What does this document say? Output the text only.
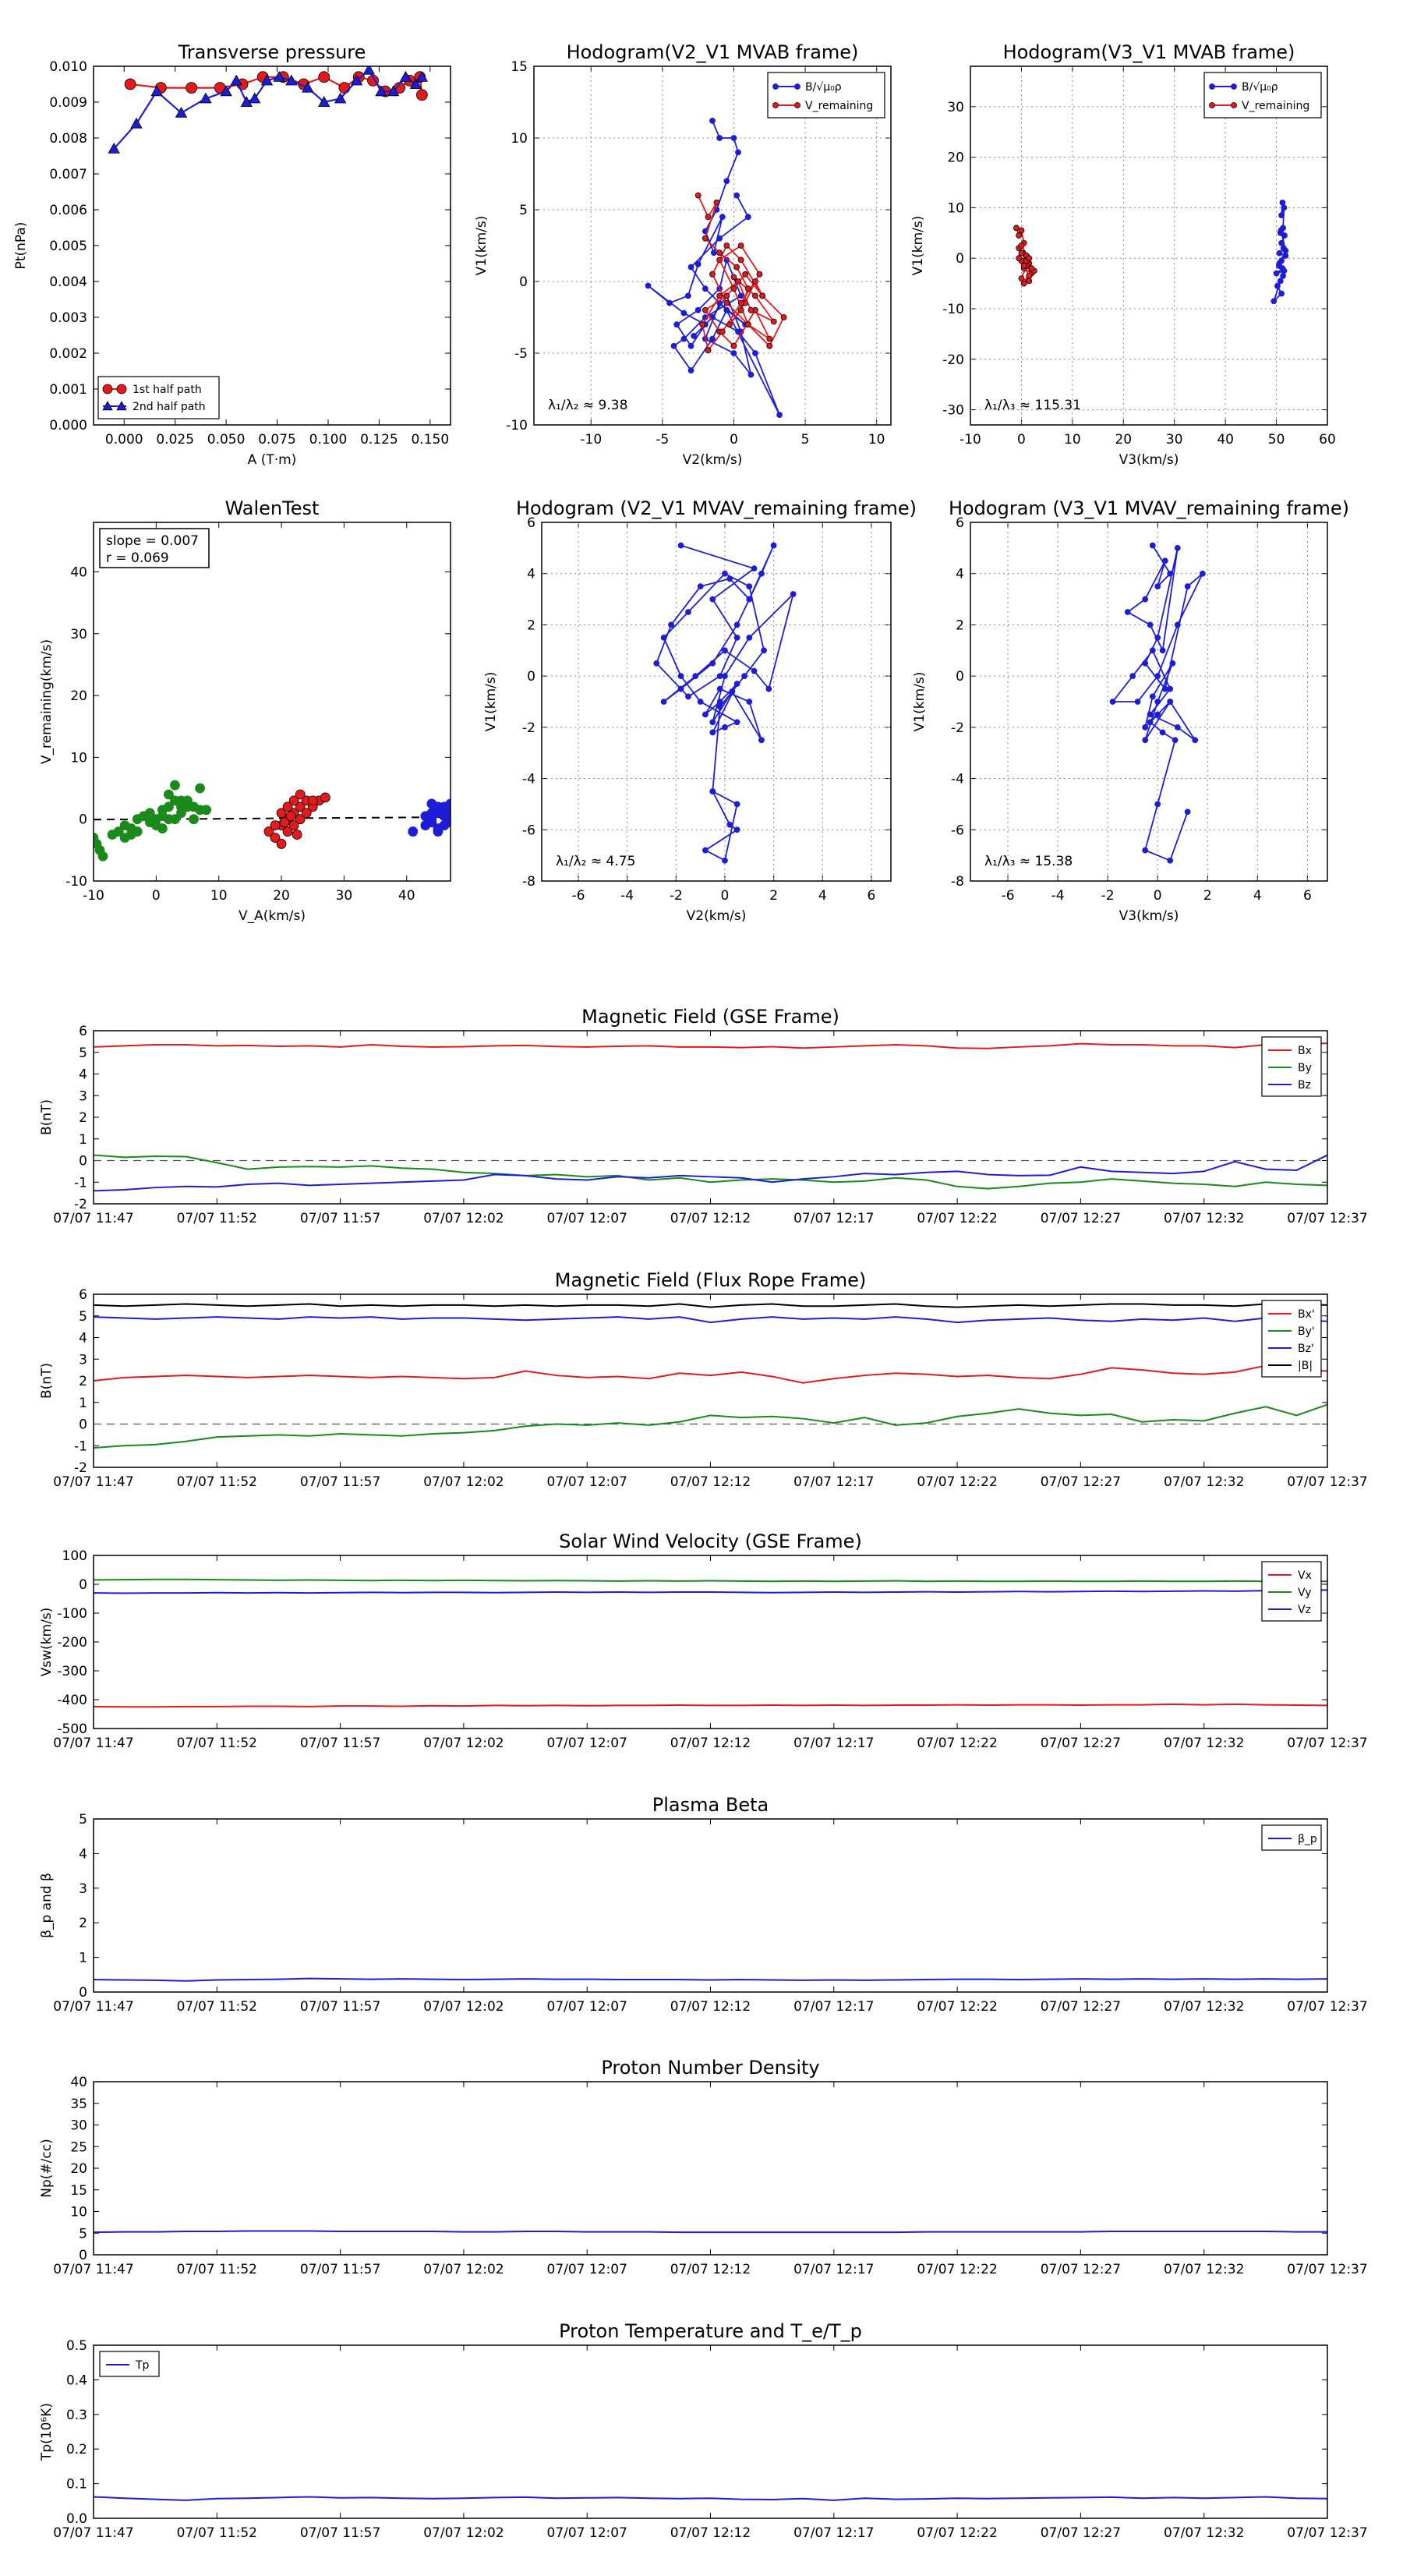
0.000 0.025 0.050 0.075 0.100 0.125 0.150
0.000
0.001
0.002
0.003
0.004
0.005
0.006
0.007
0.008
0.009
0.010
Transverse pressure
A (T·m)
Pt(nPa)
1st half path
2nd half path
-10	-5	0	5	10
-10
-5
0
5
10
15
Hodogram(V2_V1 MVAB frame)
V2(km/s)
V1(km/s)
λ₁/λ₂ ≈ 9.38
B/√μ₀ρ
V_remaining
-10	0	10	20	30	40	50	60
-30
-20
-10
0
10
20
30
Hodogram(V3_V1 MVAB frame)
V3(km/s)
V1(km/s)
λ₁/λ₃ ≈ 115.31
B/√μ₀ρ
V_remaining
-10	0	10	20	30	40
-10
0
10
20
30
40
WalenTest
V_A(km/s)
V_remaining(km/s)
slope = 0.007
r = 0.069
-6	-4	-2	0	2	4	6
-8
-6
-4
-2
0
2
4
6
Hodogram (V2_V1 MVAV_remaining frame)
V2(km/s)
V1(km/s)
λ₁/λ₂ ≈ 4.75
-6	-4	-2	0	2	4	6
-8
-6
-4
-2
0
2
4
6
Hodogram (V3_V1 MVAV_remaining frame)
V3(km/s)
V1(km/s)
λ₁/λ₃ ≈ 15.38
07/07 11:47	07/07 11:52	07/07 11:57	07/07 12:02	07/07 12:07	07/07 12:12	07/07 12:17	07/07 12:22	07/07 12:27	07/07 12:32	07/07 12:37
-2
-1
0
1
2
3
4
5
6
Magnetic Field (GSE Frame)
B(nT)
Bx
By
Bz
07/07 11:47	07/07 11:52	07/07 11:57	07/07 12:02	07/07 12:07	07/07 12:12	07/07 12:17	07/07 12:22	07/07 12:27	07/07 12:32	07/07 12:37
-2
-1
0
1
2
3
4
5
6
Magnetic Field (Flux Rope Frame)
B(nT)
Bx'
By'
Bz'
|B|
07/07 11:47	07/07 11:52	07/07 11:57	07/07 12:02	07/07 12:07	07/07 12:12	07/07 12:17	07/07 12:22	07/07 12:27	07/07 12:32	07/07 12:37
-500
-400
-300
-200
-100
0
100
Solar Wind Velocity (GSE Frame)
Vsw(km/s)
Vx
Vy
Vz
07/07 11:47	07/07 11:52	07/07 11:57	07/07 12:02	07/07 12:07	07/07 12:12	07/07 12:17	07/07 12:22	07/07 12:27	07/07 12:32	07/07 12:37
0
1
2
3
4
5
Plasma Beta
β_p and β
β_p
07/07 11:47	07/07 11:52	07/07 11:57	07/07 12:02	07/07 12:07	07/07 12:12	07/07 12:17	07/07 12:22	07/07 12:27	07/07 12:32	07/07 12:37
0
5
10
15
20
25
30
35
40
Proton Number Density
Np(#/cc)
07/07 11:47	07/07 11:52	07/07 11:57	07/07 12:02	07/07 12:07	07/07 12:12	07/07 12:17	07/07 12:22	07/07 12:27	07/07 12:32	07/07 12:37
0.0
0.1
0.2
0.3
0.4
0.5
Proton Temperature and T_e/T_p
Tp(10⁶K)
Tp
